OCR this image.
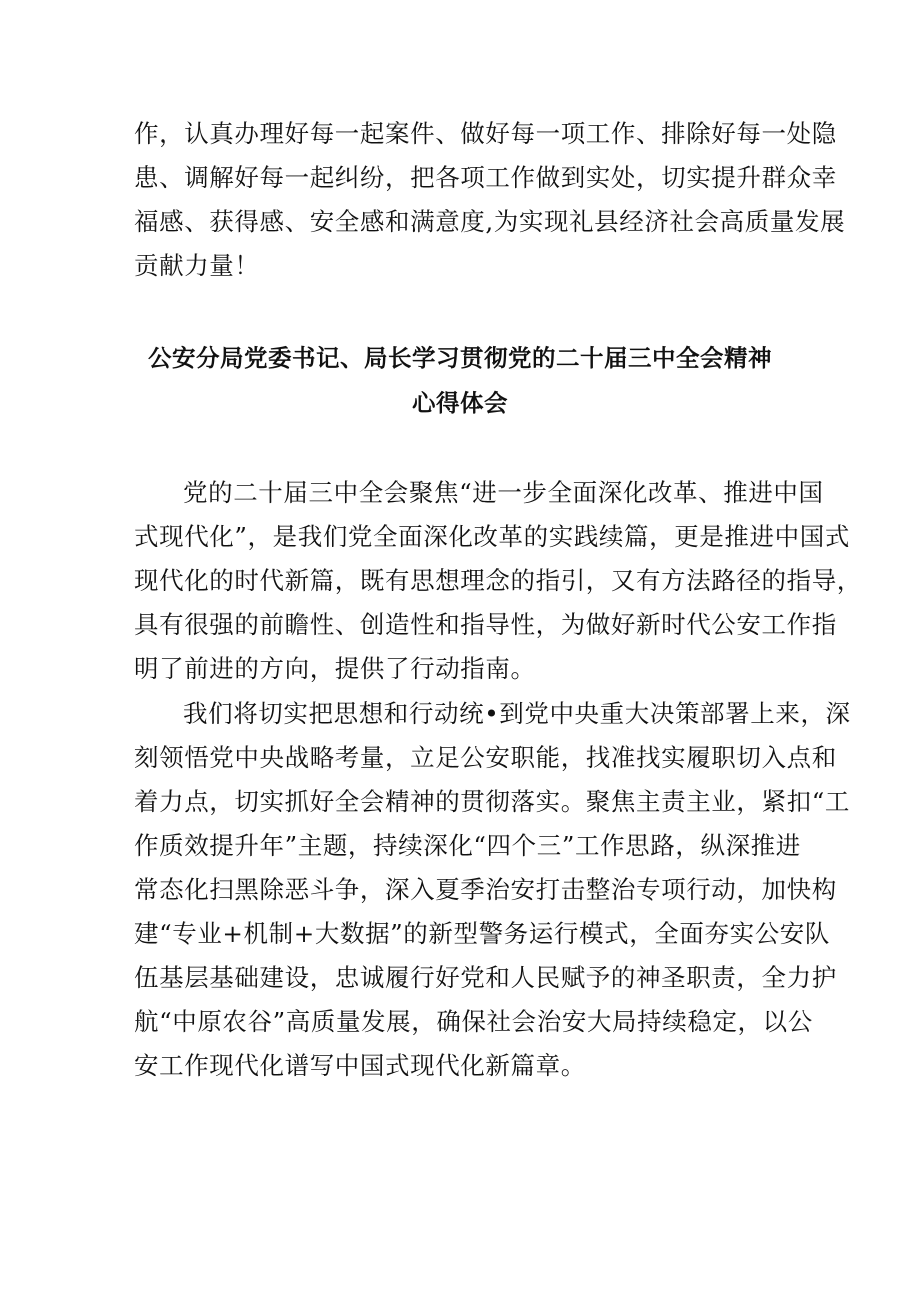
作，认真办理好每一起案件、做好每一项工作、排除好每一处隐
患、调解好每一起纠纷，把各项工作做到实处，切实提升群众幸
福感、获得感、安全感和满意度,为实现礼县经济社会高质量发展
贡献力量！
公安分局党委书记、局长学习贯彻党的二十届三中全会精神
心得体会
党的二十届三中全会聚焦“进一步全面深化改革、推进中国
式现代化”，是我们党全面深化改革的实践续篇，更是推进中国式
现代化的时代新篇，既有思想理念的指引，又有方法路径的指导，
具有很强的前瞻性、创造性和指导性，为做好新时代公安工作指
明了前进的方向，提供了行动指南。
我们将切实把思想和行动统•到党中央重大决策部署上来，深
刻领悟党中央战略考量，立足公安职能，找准找实履职切入点和
着力点，切实抓好全会精神的贯彻落实。聚焦主责主业，紧扣“工
作质效提升年”主题，持续深化“四个三”工作思路，纵深推进
常态化扫黑除恶斗争，深入夏季治安打击整治专项行动，加快构
建“专业+机制+大数据”的新型警务运行模式，全面夯实公安队
伍基层基础建设，忠诚履行好党和人民赋予的神圣职责，全力护
航“中原农谷”高质量发展，确保社会治安大局持续稳定，以公
安工作现代化谱写中国式现代化新篇章。
